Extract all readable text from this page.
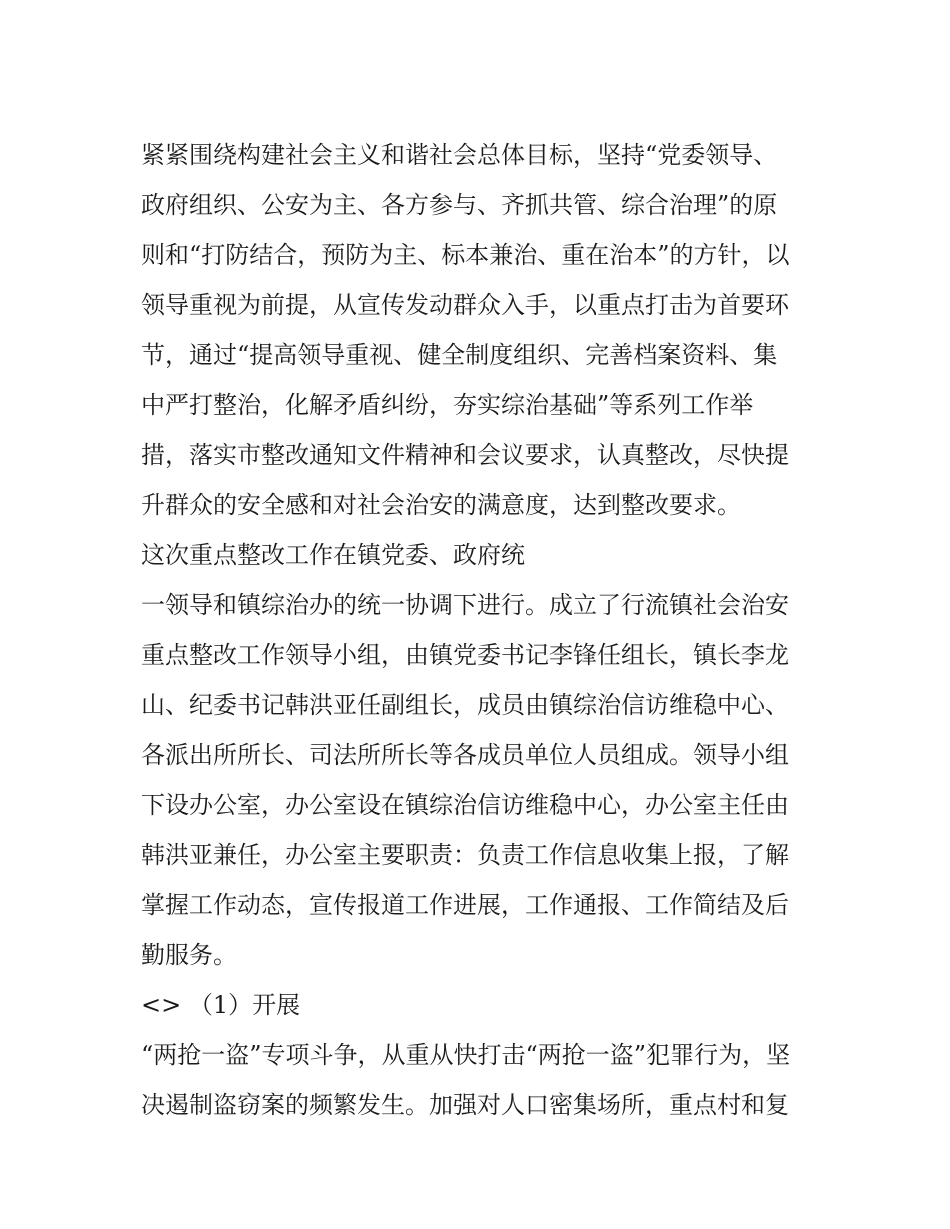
紧紧围绕构建社会主义和谐社会总体目标，坚持“党委领导、
政府组织、公安为主、各方参与、齐抓共管、综合治理”的原
则和“打防结合，预防为主、标本兼治、重在治本”的方针，以
领导重视为前提，从宣传发动群众入手，以重点打击为首要环
节，通过“提高领导重视、健全制度组织、完善档案资料、集
中严打整治，化解矛盾纠纷，夯实综治基础”等系列工作举
措，落实市整改通知文件精神和会议要求，认真整改，尽快提
升群众的安全感和对社会治安的满意度，达到整改要求。
这次重点整改工作在镇党委、政府统
一领导和镇综治办的统一协调下进行。成立了行流镇社会治安
重点整改工作领导小组，由镇党委书记李锋任组长，镇长李龙
山、纪委书记韩洪亚任副组长，成员由镇综治信访维稳中心、
各派出所所长、司法所所长等各成员单位人员组成。领导小组
下设办公室，办公室设在镇综治信访维稳中心，办公室主任由
韩洪亚兼任，办公室主要职责：负责工作信息收集上报，了解
掌握工作动态，宣传报道工作进展，工作通报、工作简结及后
勤服务。
<> （1）开展
“两抢一盗”专项斗争，从重从快打击“两抢一盗”犯罪行为，坚
决遏制盗窃案的频繁发生。加强对人口密集场所，重点村和复
